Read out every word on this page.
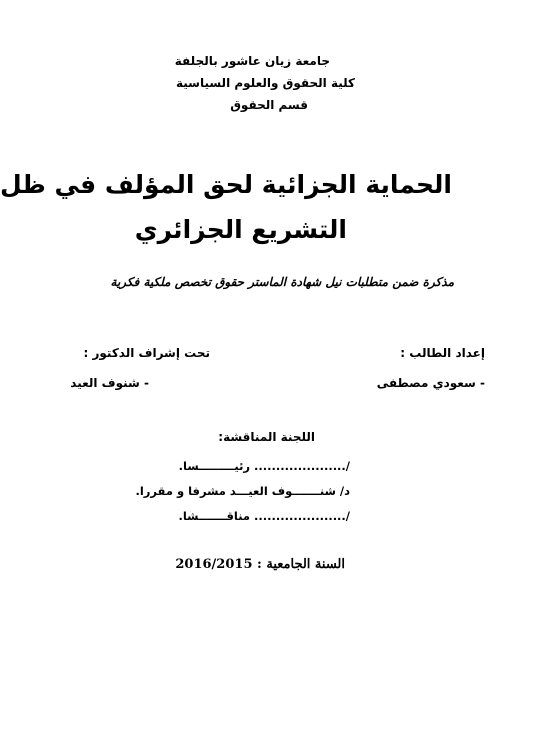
جامعة زيان عاشور بالجلفة
كلية الحقوق والعلوم السياسية
قسم الحقوق
الحماية الجزائية لحق المؤلف في ظل
التشريع الجزائري
مذكرة ضمن متطلبات نيل شهادة الماستر حقوق تخصص ملكية فكرية
إعداد الطالب :
- سعودي مصطفى
تحت إشراف الدكتور :
- شنوف العيد
اللجنة المناقشة:
/..................... رئيـــــــــسا.
د/ شنـــــــوف العيـــد مشرفا و مقررا.
/..................... مناقـــــــشا.
السنة الجامعية : 2016/2015
